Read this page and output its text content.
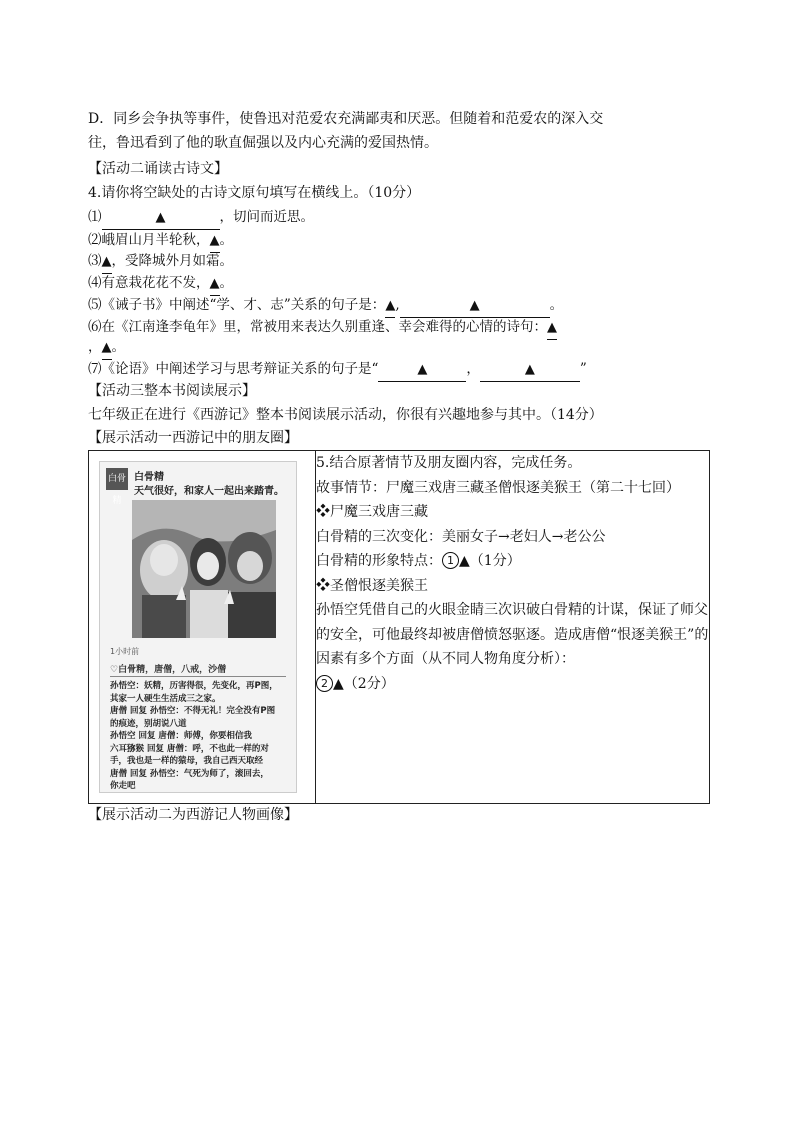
D．同乡会争执等事件，使鲁迅对范爱农充满鄙夷和厌恶。但随着和范爱农的深入交
往，鲁迅看到了他的耿直倔强以及内心充满的爱国热情。
【活动二诵读古诗文】
4.请你将空缺处的古诗文原句填写在横线上。（10分）
⑴	▲	，切问而近思。
⑵峨眉山月半轮秋，▲。
⑶▲，受降城外月如霜。
⑷有意栽花花不发，▲。
⑸《诫子书》中阐述“学、才、志”关系的句子是：▲,	▲	。
⑹在《江南逢李龟年》里，常被用来表达久别重逢、幸会难得的心情的诗句：▲
，▲。
⑺《论语》中阐述学习与思考辩证关系的句子是“	▲	，	▲	”
【活动三整本书阅读展示】
七年级正在进行《西游记》整本书阅读展示活动，你很有兴趣地参与其中。（14分）
【展示活动一西游记中的朋友圈】
白骨精
白骨精
天气很好，和家人一起出来踏青。
1小时前
♡白骨精，唐僧，八戒，沙僧
孙悟空：妖精，历害得很，先变化，再P图，
其家一人硬生生活成三之家。
唐僧 回复 孙悟空：不得无礼！完全没有P图
的痕迹，别胡说八道
孙悟空 回复 唐僧：师傅，你要相信我
六耳猕猴 回复 唐僧：呼，不也此一样的对
手，我也是一样的猿母，我自己西天取经
唐僧 回复 孙悟空：气死为师了，滚回去，
你走吧

5.结合原著情节及朋友圈内容，完成任务。
故事情节：尸魔三戏唐三藏圣僧恨逐美猴王（第二十七回）
❖尸魔三戏唐三藏
白骨精的三次变化：美丽女子→老妇人→老公公
白骨精的形象特点： 1 ▲（1分）
❖圣僧恨逐美猴王
孙悟空凭借自己的火眼金睛三次识破白骨精的计谋，保证了师父的安全，可他最终却被唐僧愤怒驱逐。造成唐僧“恨逐美猴王”的因素有多个方面（从不同人物角度分析）：
2 ▲（2分）
【展示活动二为西游记人物画像】
